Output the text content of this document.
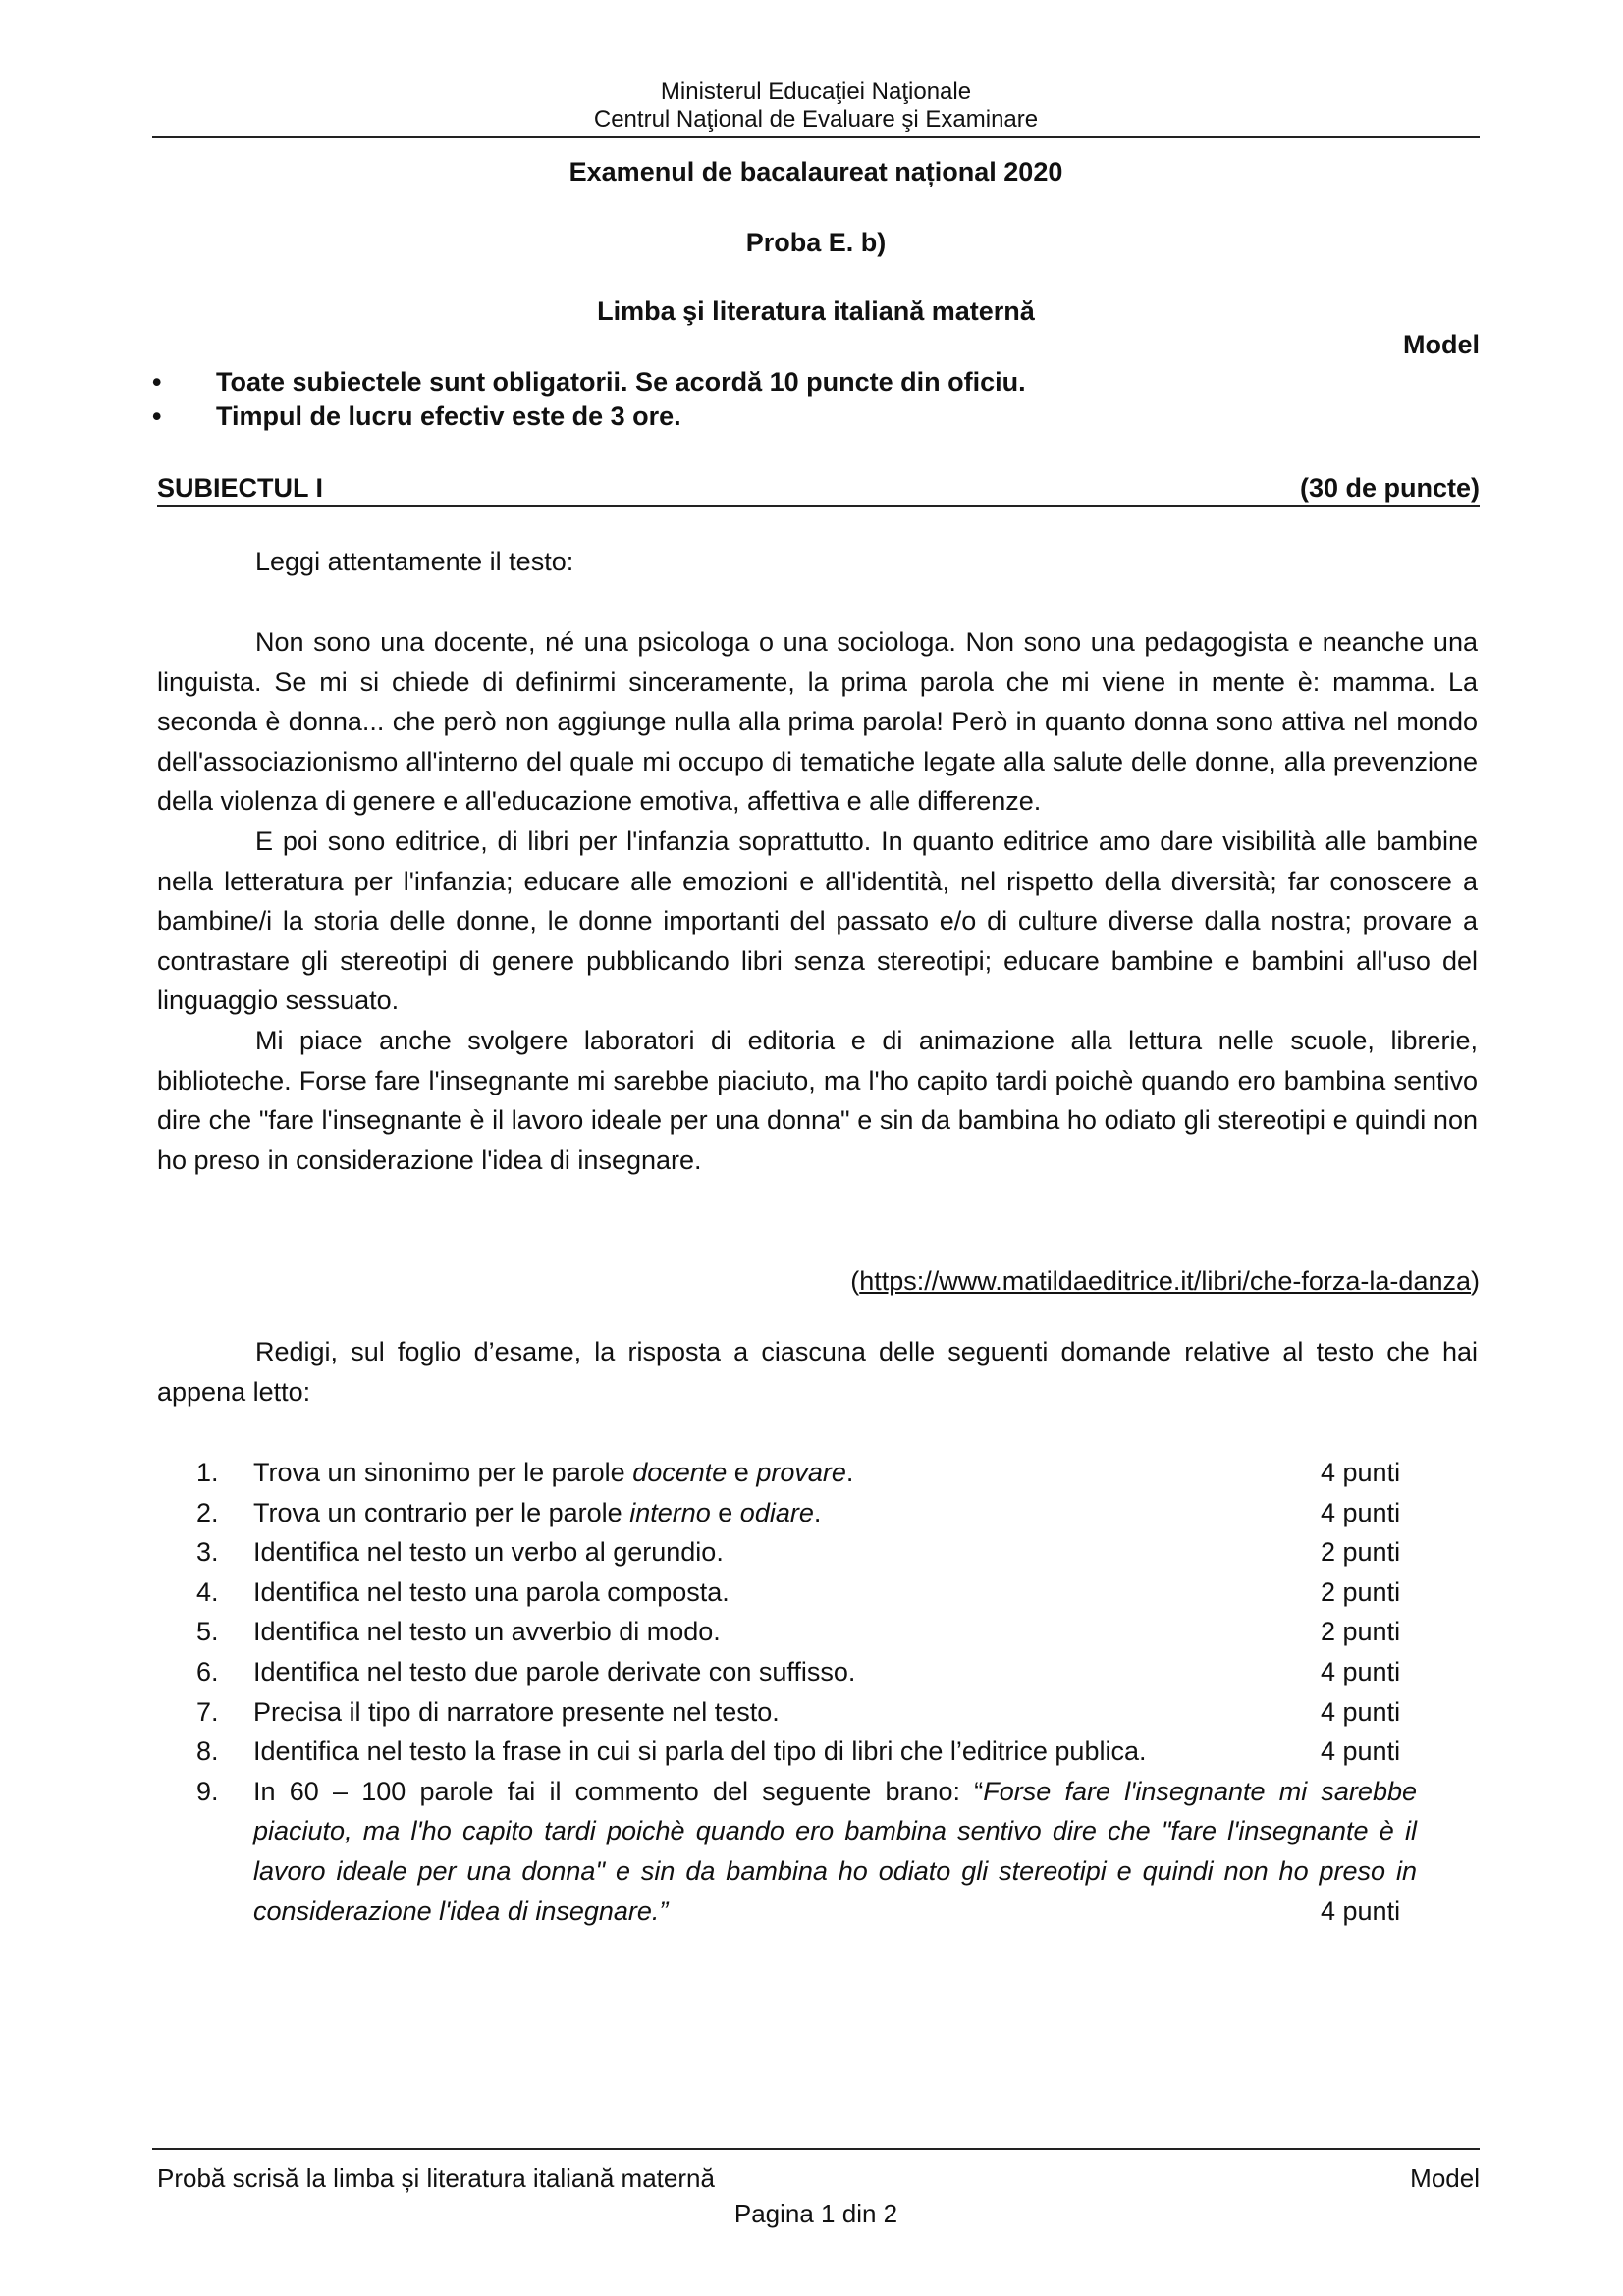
Ministerul Educaţiei Naţionale
Centrul Naţional de Evaluare şi Examinare
Examenul de bacalaureat național 2020
Proba E. b)
Limba şi literatura italiană maternă
Model
•	Toate subiectele sunt obligatorii. Se acordă 10 puncte din oficiu.
•	Timpul de lucru efectiv este de 3 ore.
SUBIECTUL I	(30 de puncte)
Leggi attentamente il testo:
Non sono una docente, né una psicologa o una sociologa. Non sono una pedagogista e neanche una linguista. Se mi si chiede di definirmi sinceramente, la prima parola che mi viene in mente è: mamma. La seconda è donna... che però non aggiunge nulla alla prima parola! Però in quanto donna sono attiva nel mondo dell'associazionismo all'interno del quale mi occupo di tematiche legate alla salute delle donne, alla prevenzione della violenza di genere e all'educazione emotiva, affettiva e alle differenze.
E poi sono editrice, di libri per l'infanzia soprattutto. In quanto editrice amo dare visibilità alle bambine nella letteratura per l'infanzia; educare alle emozioni e all'identità, nel rispetto della diversità; far conoscere a bambine/i la storia delle donne, le donne importanti del passato e/o di culture diverse dalla nostra; provare a contrastare gli stereotipi di genere pubblicando libri senza stereotipi; educare bambine e bambini all'uso del linguaggio sessuato.
Mi piace anche svolgere laboratori di editoria e di animazione alla lettura nelle scuole, librerie, biblioteche. Forse fare l'insegnante mi sarebbe piaciuto, ma l'ho capito tardi poichè quando ero bambina sentivo dire che "fare l'insegnante è il lavoro ideale per una donna" e sin da bambina ho odiato gli stereotipi e quindi non ho preso in considerazione l'idea di insegnare.
(https://www.matildaeditrice.it/libri/che-forza-la-danza)
Redigi, sul foglio d’esame, la risposta a ciascuna delle seguenti domande relative al testo che hai appena letto:
1.	Trova un sinonimo per le parole docente e provare.	4 punti
2.	Trova un contrario per le parole interno e odiare.	4 punti
3.	Identifica nel testo un verbo al gerundio.	2 punti
4.	Identifica nel testo una parola composta.	2 punti
5.	Identifica nel testo un avverbio di modo.	2 punti
6.	Identifica nel testo due parole derivate con suffisso.	4 punti
7.	Precisa il tipo di narratore presente nel testo.	4 punti
8.	Identifica nel testo la frase in cui si parla del tipo di libri che l’editrice publica.	4 punti
9.	In 60 – 100 parole fai il commento del seguente brano: “Forse fare l'insegnante mi sarebbe piaciuto, ma l'ho capito tardi poichè quando ero bambina sentivo dire che "fare l'insegnante è il lavoro ideale per una donna" e sin da bambina ho odiato gli stereotipi e quindi non ho preso in considerazione l'idea di insegnare.”	4 punti
Probă scrisă la limba și literatura italiană maternă	Model
Pagina 1 din 2
